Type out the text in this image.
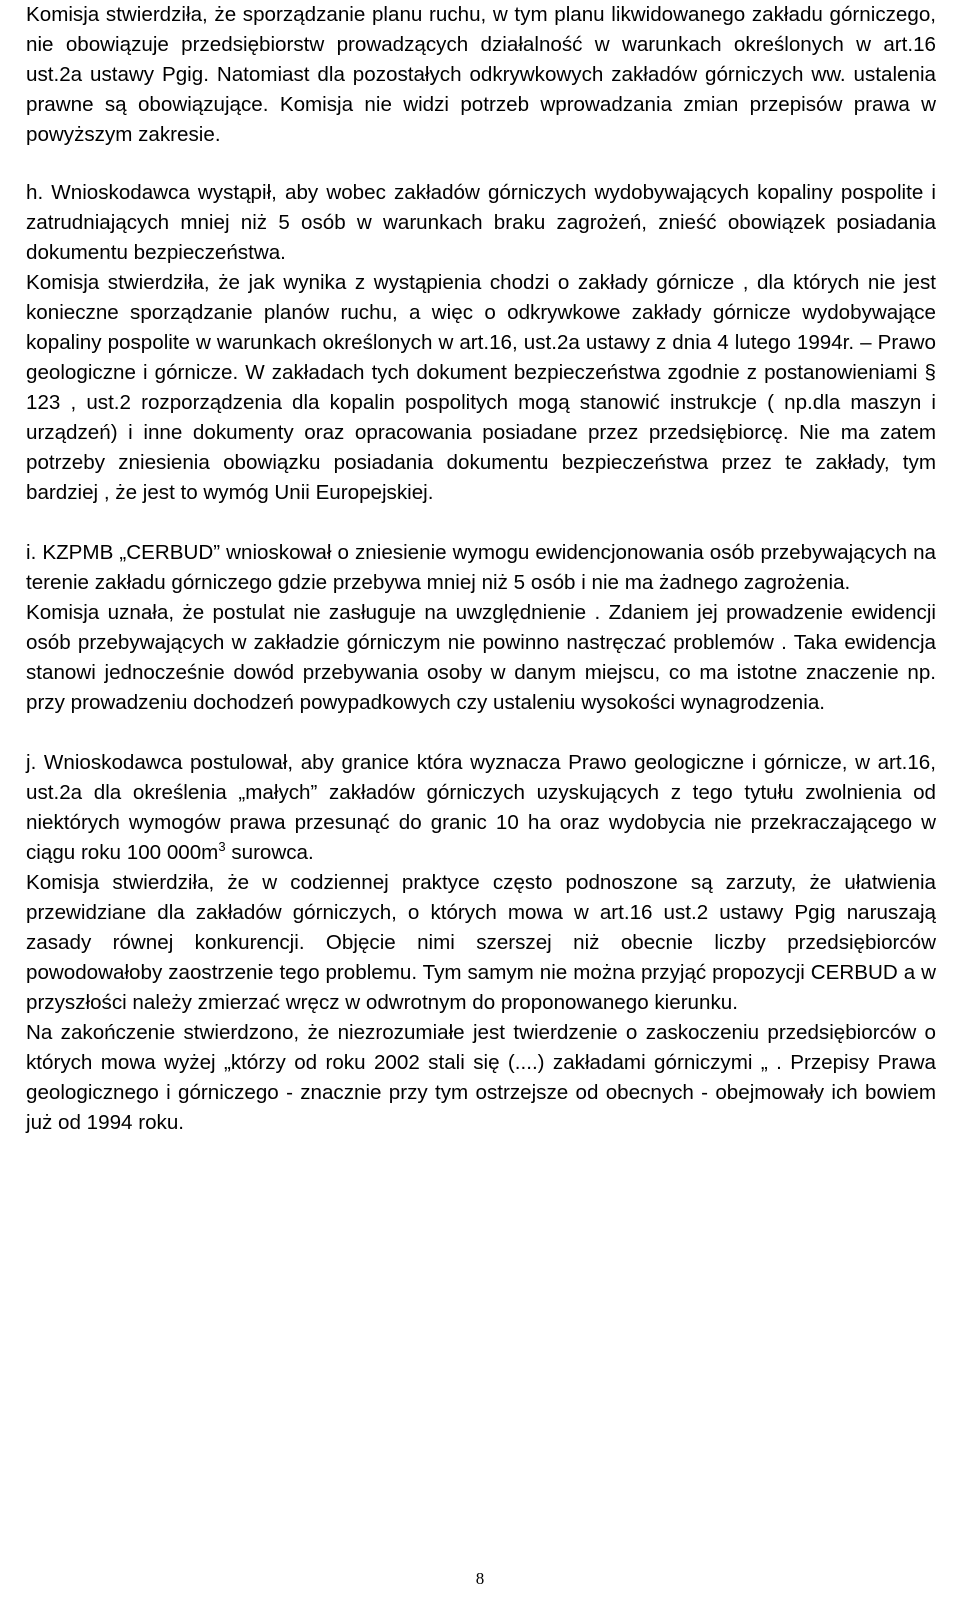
Komisja stwierdziła, że sporządzanie planu ruchu, w tym planu likwidowanego zakładu górniczego, nie obowiązuje przedsiębiorstw prowadzących działalność w warunkach określonych w art.16 ust.2a ustawy Pgig. Natomiast dla pozostałych odkrywkowych zakładów górniczych ww. ustalenia prawne są obowiązujące. Komisja nie widzi potrzeb wprowadzania zmian przepisów prawa w powyższym zakresie.

h. Wnioskodawca wystąpił, aby wobec zakładów górniczych wydobywających kopaliny pospolite i zatrudniających mniej niż 5 osób w warunkach braku zagrożeń, znieść obowiązek posiadania dokumentu bezpieczeństwa.

Komisja stwierdziła, że jak wynika z wystąpienia chodzi o zakłady górnicze , dla których nie jest konieczne sporządzanie planów ruchu, a więc o odkrywkowe zakłady górnicze wydobywające kopaliny pospolite w warunkach określonych w art.16, ust.2a ustawy z dnia 4 lutego 1994r. – Prawo geologiczne i górnicze. W zakładach tych dokument bezpieczeństwa zgodnie z postanowieniami § 123 , ust.2 rozporządzenia dla kopalin pospolitych mogą stanowić instrukcje ( np.dla maszyn i urządzeń) i inne dokumenty oraz opracowania posiadane przez przedsiębiorcę. Nie ma zatem potrzeby zniesienia obowiązku posiadania dokumentu bezpieczeństwa przez te zakłady, tym bardziej , że jest to wymóg Unii Europejskiej.

i. KZPMB „CERBUD” wnioskował o zniesienie wymogu ewidencjonowania osób przebywających na terenie zakładu górniczego gdzie przebywa mniej niż 5 osób i nie ma żadnego zagrożenia.

Komisja uznała, że postulat nie zasługuje na uwzględnienie . Zdaniem jej prowadzenie ewidencji osób przebywających w zakładzie górniczym nie powinno nastręczać problemów . Taka ewidencja stanowi jednocześnie dowód przebywania osoby w danym miejscu, co ma istotne znaczenie np. przy prowadzeniu dochodzeń powypadkowych czy ustaleniu wysokości wynagrodzenia.

j. Wnioskodawca postulował, aby granice która wyznacza Prawo geologiczne i górnicze, w art.16, ust.2a dla określenia „małych” zakładów górniczych uzyskujących z tego tytułu zwolnienia od niektórych wymogów prawa przesunąć do granic 10 ha oraz wydobycia nie przekraczającego w ciągu roku 100 $000m^3$ surowca.

Komisja stwierdziła, że w codziennej praktyce często podnoszone są zarzuty, że ułatwienia przewidziane dla zakładów górniczych, o których mowa w art.16 ust.2 ustawy Pgig naruszają zasady równej konkurencji. Objęcie nimi szerszej niż obecnie liczby przedsiębiorców powodowałoby zaostrzenie tego problemu. Tym samym nie można przyjąć propozycji CERBUD a w przyszłości należy zmierzać wręcz w odwrotnym do proponowanego kierunku.

Na zakończenie stwierdzono, że niezrozumiałe jest twierdzenie o zaskoczeniu przedsiębiorców o których mowa wyżej „którzy od roku 2002 stali się (....) zakładami górniczymi „ . Przepisy Prawa geologicznego i górniczego - znacznie przy tym ostrzejsze od obecnych - obejmowały ich bowiem już od 1994 roku.

8
